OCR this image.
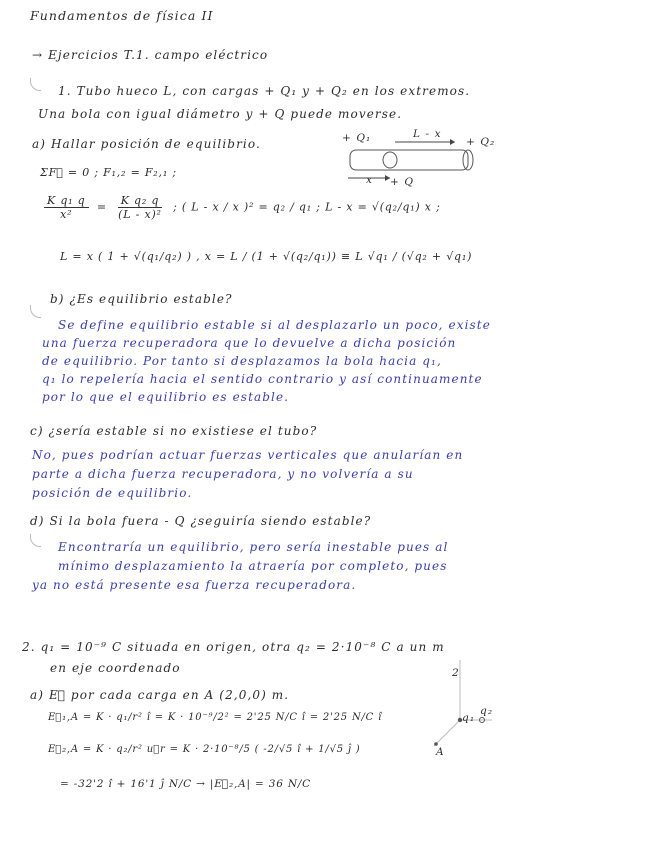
Fundamentos de física II
→ Ejercicios T.1. campo eléctrico
1. Tubo hueco L, con cargas + Q₁ y + Q₂ en los extremos.
Una bola con igual diámetro y + Q puede moverse.
a) Hallar posición de equilibrio.	+ Q₁	L - x
+ Q₂
x + Q
ΣF⃗ = 0 ; F₁,₂ = F₂,₁ ;
$\frac{\text{K q₁ q}}{\text{x²}} = \frac{\text{K q₂ q}}{\text{(L - x)²}}$ ; ( L - x / x )² = q₂ / q₁ ; L - x = √(q₂/q₁) x ;
L = x ( 1 + √(q₁/q₂) ) , x = L / (1 + √(q₂/q₁)) ≡ L √q₁ / (√q₂ + √q₁)
b) ¿Es equilibrio estable?
Se define equilibrio estable si al desplazarlo un poco, existe
una fuerza recuperadora que lo devuelve a dicha posición
de equilibrio. Por tanto si desplazamos la bola hacia q₁,
q₁ lo repelería hacia el sentido contrario y así continuamente
por lo que el equilibrio es estable.
c) ¿sería estable si no existiese el tubo?
No, pues podrían actuar fuerzas verticales que anularían en
parte a dicha fuerza recuperadora, y no volvería a su
posición de equilibrio.
d) Si la bola fuera - Q ¿seguiría siendo estable?
Encontraría un equilibrio, pero sería inestable pues al
mínimo desplazamiento la atraería por completo, pues
ya no está presente esa fuerza recuperadora.
2. q₁ = 10⁻⁹ C situada en origen, otra q₂ = 2·10⁻⁸ C a un m
en eje coordenado
a) E⃗ por cada carga en A (2,0,0) m.
E⃗₁,A = K · q₁/r² î = K · 10⁻⁹/2² = 2'25 N/C î = 2'25 N/C î
E⃗₂,A = K · q₂/r² u⃗r = K · 2·10⁻⁸/5 ( -2/√5 î + 1/√5 ĵ )
= -32'2 î + 16'1 ĵ N/C → |E⃗₂,A| = 36 N/C
2
q₁
q₂
A
